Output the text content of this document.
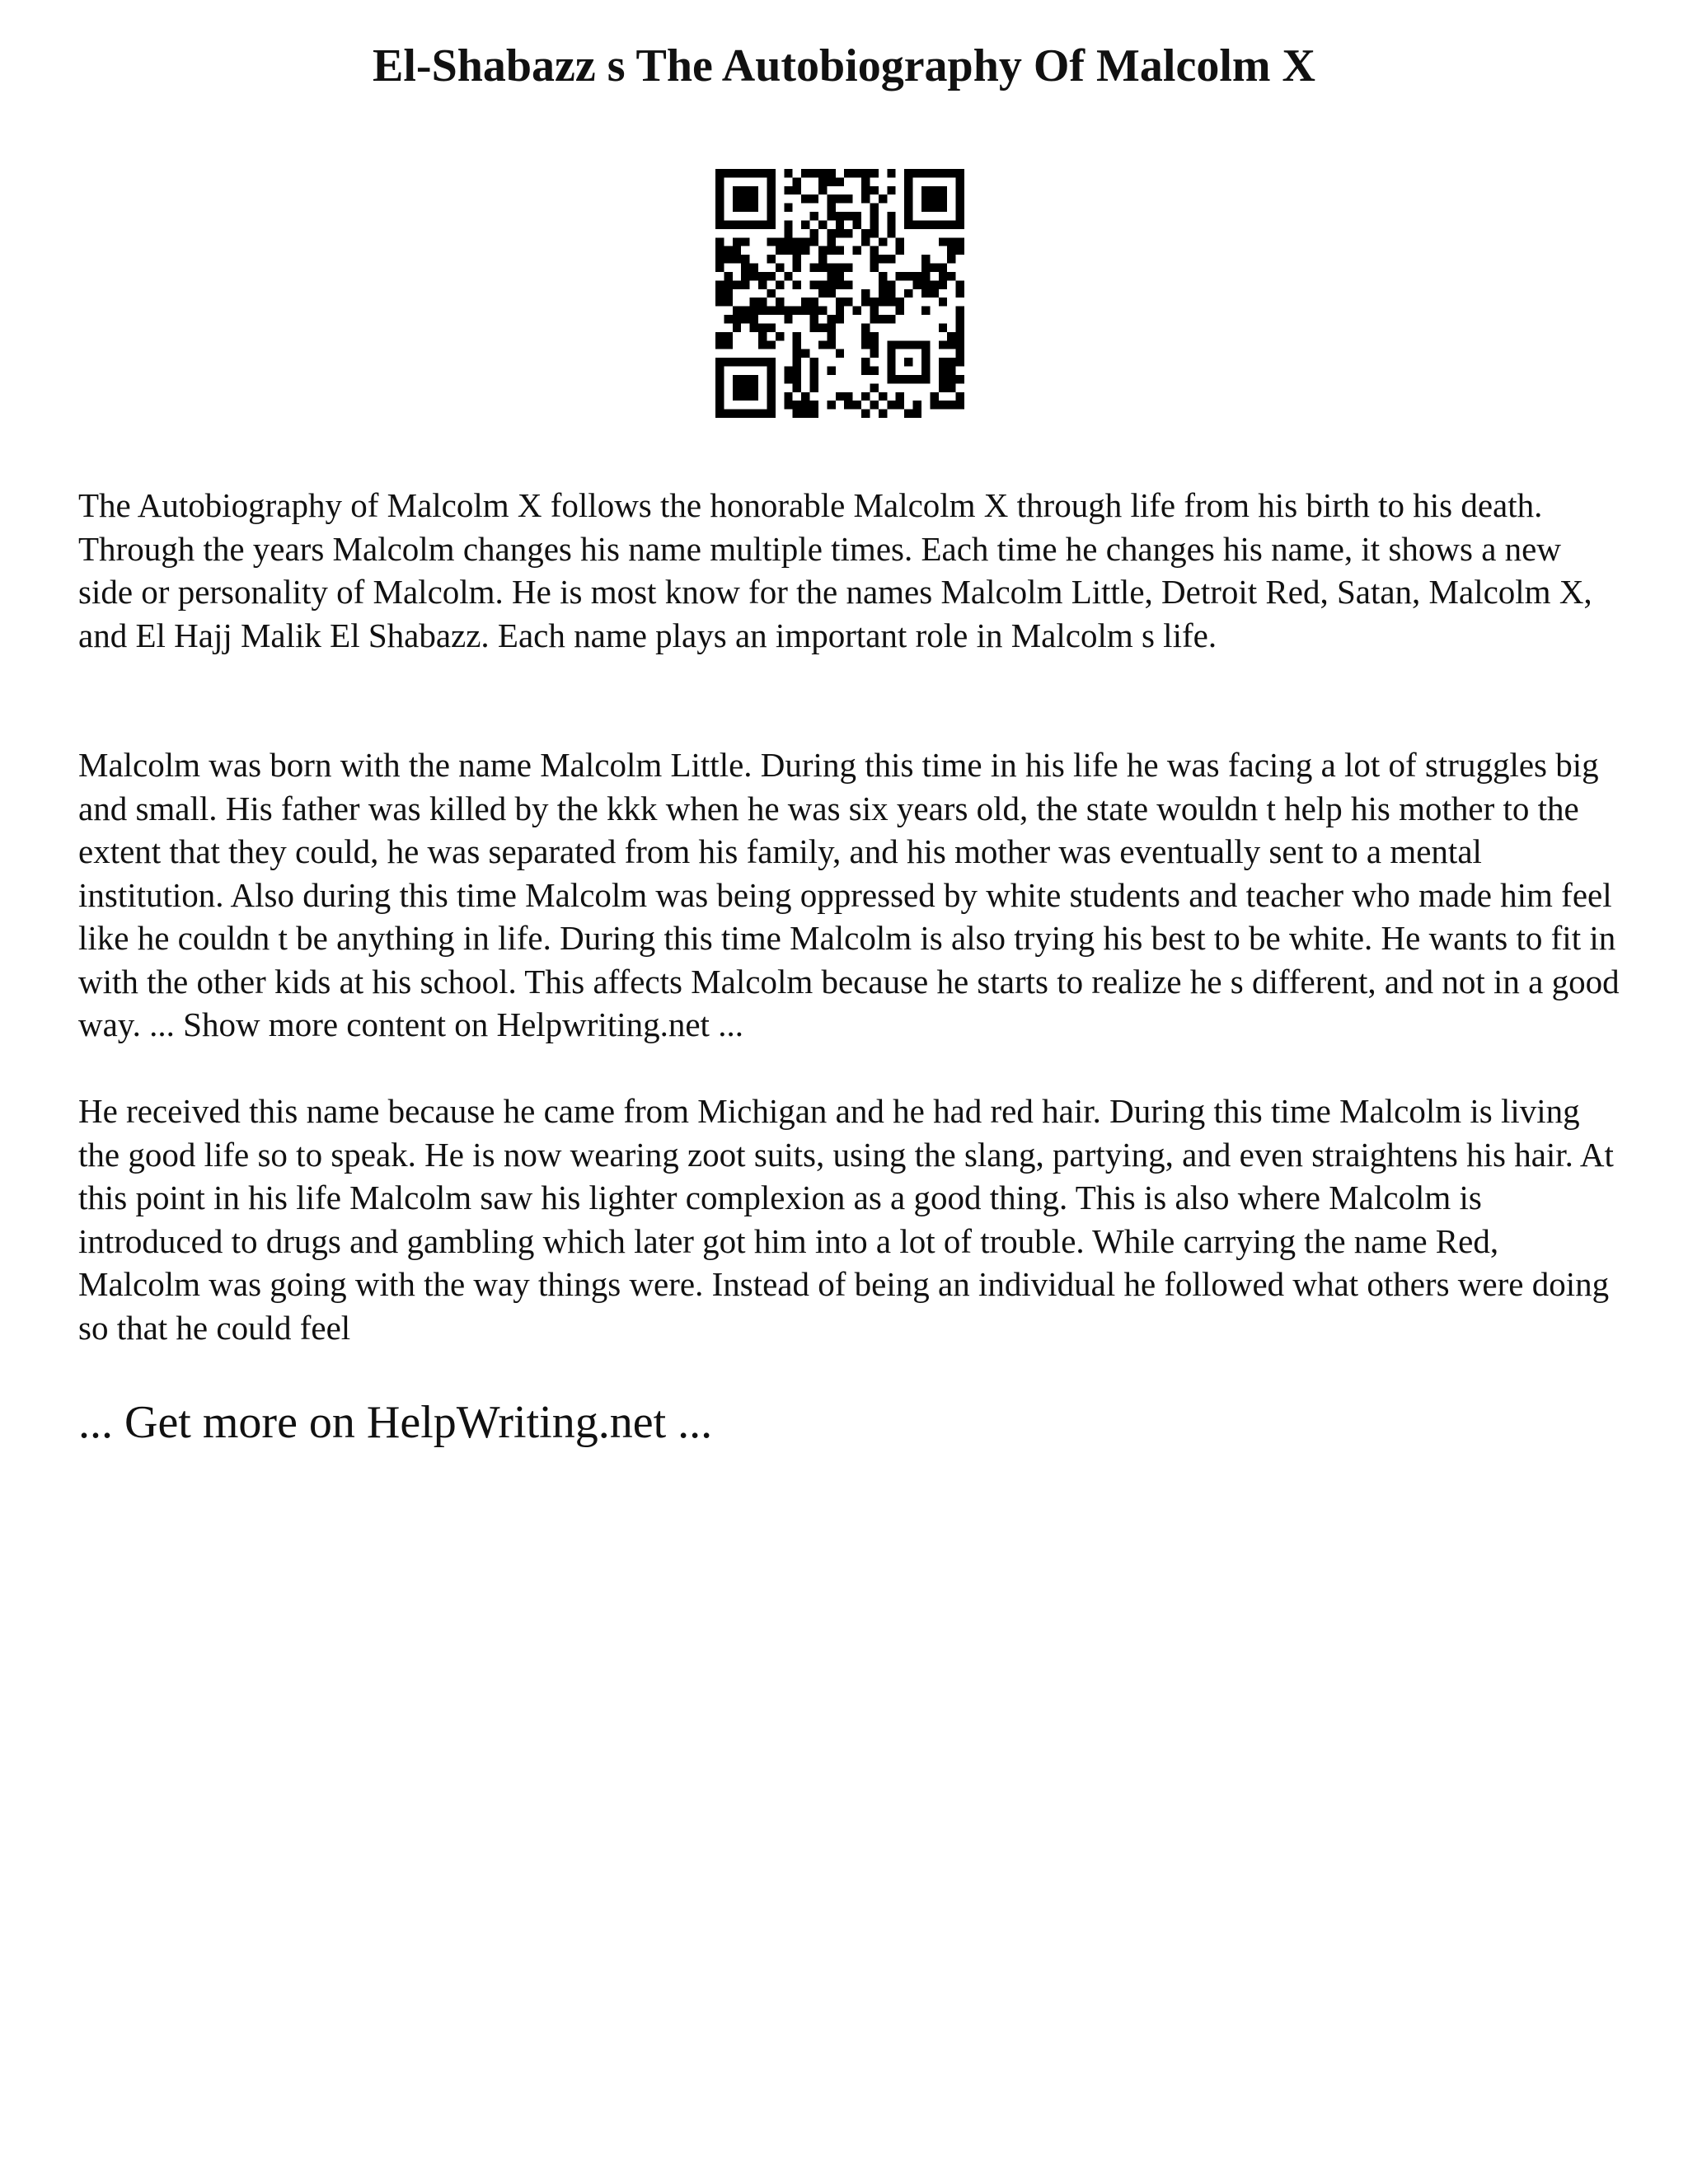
El-Shabazz s The Autobiography Of Malcolm X

The Autobiography of Malcolm X follows the honorable Malcolm X through life from his birth to his death. Through the years Malcolm changes his name multiple times. Each time he changes his name, it shows a new side or personality of Malcolm. He is most know for the names Malcolm Little, Detroit Red, Satan, Malcolm X, and El Hajj Malik El Shabazz. Each name plays an important role in Malcolm s life.

Malcolm was born with the name Malcolm Little. During this time in his life he was facing a lot of struggles big and small. His father was killed by the kkk when he was six years old, the state wouldn t help his mother to the extent that they could, he was separated from his family, and his mother was eventually sent to a mental institution. Also during this time Malcolm was being oppressed by white students and teacher who made him feel like he couldn t be anything in life. During this time Malcolm is also trying his best to be white. He wants to fit in with the other kids at his school. This affects Malcolm because he starts to realize he s different, and not in a good way. ... Show more content on Helpwriting.net ...

He received this name because he came from Michigan and he had red hair. During this time Malcolm is living the good life so to speak. He is now wearing zoot suits, using the slang, partying, and even straightens his hair. At this point in his life Malcolm saw his lighter complexion as a good thing. This is also where Malcolm is introduced to drugs and gambling which later got him into a lot of trouble. While carrying the name Red, Malcolm was going with the way things were. Instead of being an individual he followed what others were doing so that he could feel

... Get more on HelpWriting.net ...
